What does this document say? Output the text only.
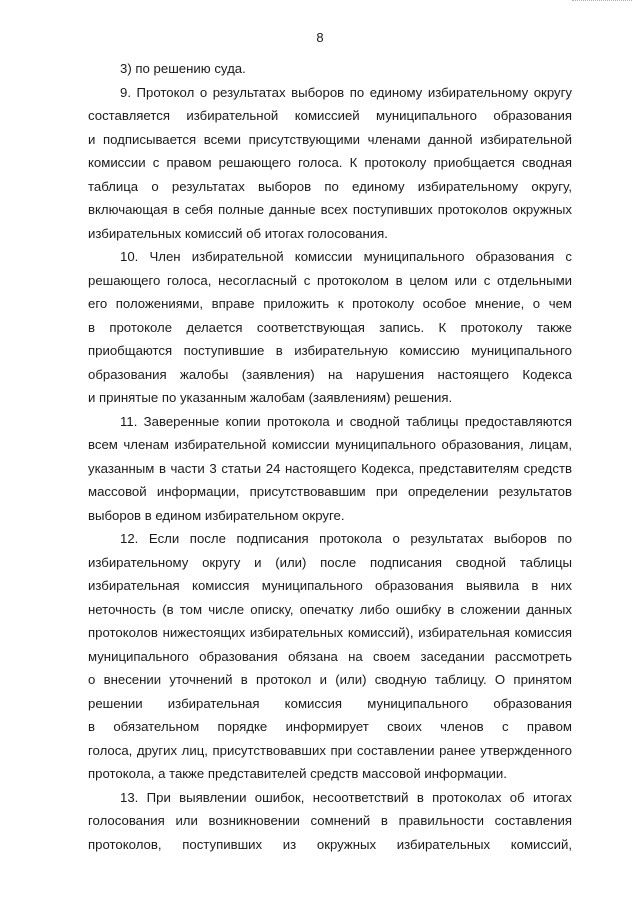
8
3) по решению суда.
9. Протокол о результатах выборов по единому избирательному округу
составляется избирательной комиссией муниципального образования
и подписывается всеми присутствующими членами данной избирательной
комиссии с правом решающего голоса. К протоколу приобщается сводная
таблица о результатах выборов по единому избирательному округу,
включающая в себя полные данные всех поступивших протоколов окружных
избирательных комиссий об итогах голосования.
10. Член избирательной комиссии муниципального образования с
решающего голоса, несогласный с протоколом в целом или с отдельными
его положениями, вправе приложить к протоколу особое мнение, о чем
в протоколе делается соответствующая запись. К протоколу также
приобщаются поступившие в избирательную комиссию муниципального
образования жалобы (заявления) на нарушения настоящего Кодекса
и принятые по указанным жалобам (заявлениям) решения.
11. Заверенные копии протокола и сводной таблицы предоставляются
всем членам избирательной комиссии муниципального образования, лицам,
указанным в части 3 статьи 24 настоящего Кодекса, представителям средств
массовой информации, присутствовавшим при определении результатов
выборов в едином избирательном округе.
12. Если после подписания протокола о результатах выборов по
избирательному округу и (или) после подписания сводной таблицы
избирательная комиссия муниципального образования выявила в них
неточность (в том числе описку, опечатку либо ошибку в сложении данных
протоколов нижестоящих избирательных комиссий), избирательная комиссия
муниципального образования обязана на своем заседании рассмотреть
о внесении уточнений в протокол и (или) сводную таблицу. О принятом
решении избирательная комиссия муниципального образования
в обязательном порядке информирует своих членов с правом
голоса, других лиц, присутствовавших при составлении ранее утвержденного
протокола, а также представителей средств массовой информации.
13. При выявлении ошибок, несоответствий в протоколах об итогах
голосования или возникновении сомнений в правильности составления
протоколов, поступивших из окружных избирательных комиссий,
